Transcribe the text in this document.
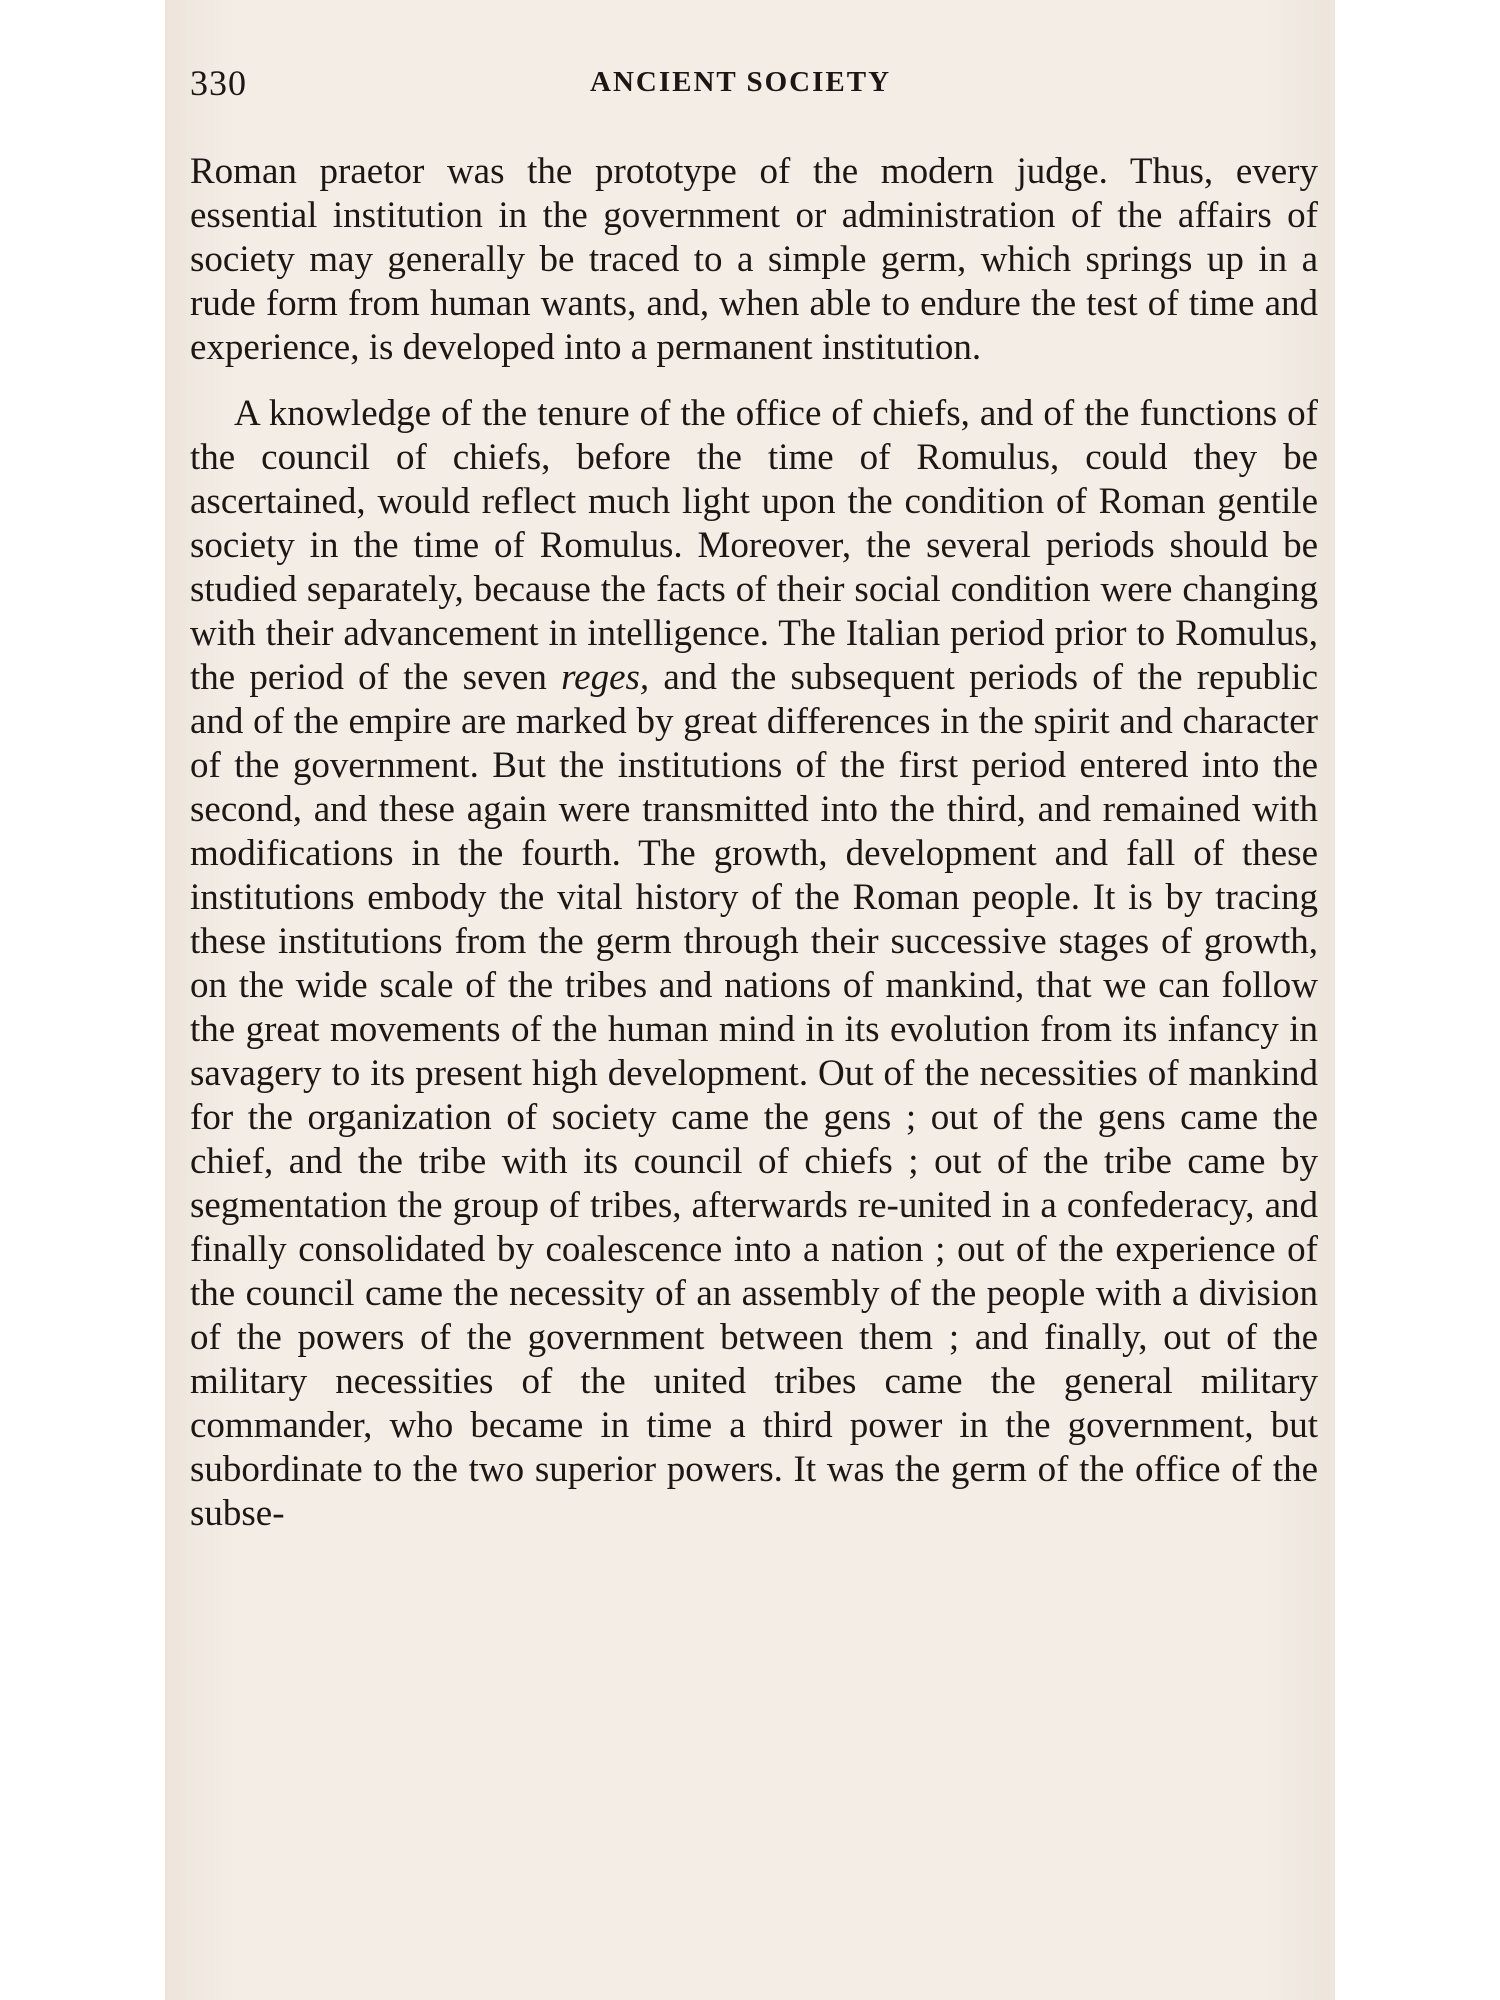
330	ANCIENT SOCIETY

Roman praetor was the prototype of the modern judge. Thus, every essential institution in the government or administration of the affairs of society may generally be traced to a simple germ, which springs up in a rude form from human wants, and, when able to endure the test of time and experience, is developed into a permanent institution.

A knowledge of the tenure of the office of chiefs, and of the functions of the council of chiefs, before the time of Romulus, could they be ascertained, would reflect much light upon the condition of Roman gentile society in the time of Romulus. Moreover, the several periods should be studied separately, because the facts of their social condition were changing with their advancement in intelligence. The Italian period prior to Romulus, the period of the seven reges, and the subsequent periods of the republic and of the empire are marked by great differences in the spirit and character of the government. But the institutions of the first period entered into the second, and these again were transmitted into the third, and remained with modifications in the fourth. The growth, development and fall of these institutions embody the vital history of the Roman people. It is by tracing these institutions from the germ through their successive stages of growth, on the wide scale of the tribes and nations of mankind, that we can follow the great movements of the human mind in its evolution from its infancy in savagery to its present high development. Out of the necessities of mankind for the organization of society came the gens ; out of the gens came the chief, and the tribe with its council of chiefs ; out of the tribe came by segmentation the group of tribes, afterwards re-united in a confederacy, and finally consolidated by coalescence into a nation ; out of the experience of the council came the necessity of an assembly of the people with a division of the powers of the government between them ; and finally, out of the military necessities of the united tribes came the general military commander, who became in time a third power in the government, but subordinate to the two superior powers. It was the germ of the office of the subse-
